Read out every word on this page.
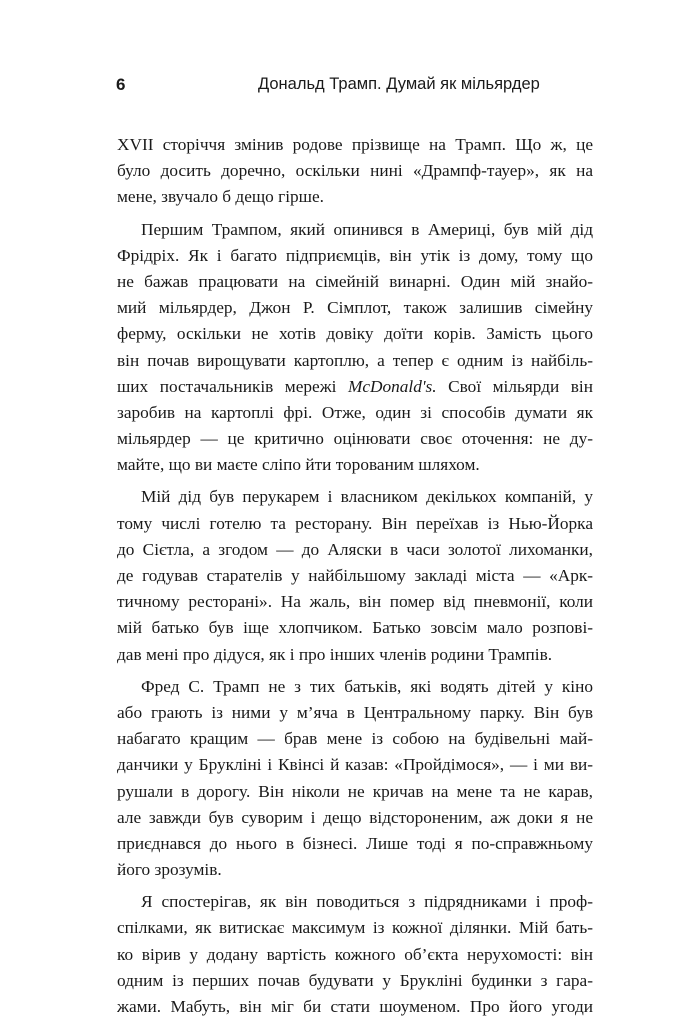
6	Дональд Трамп. Думай як мільярдер
XVII сторіччя змінив родове прізвище на Трамп. Що ж, це
було досить доречно, оскільки нині «Дрампф-тауер», як на
мене, звучало б дещо гірше.
Першим Трампом, який опинився в Америці, був мій дід
Фрідріх. Як і багато підприємців, він утік із дому, тому що
не бажав працювати на сімейній винарні. Один мій знайо-
мий мільярдер, Джон Р. Сімплот, також залишив сімейну
ферму, оскільки не хотів довіку доїти корів. Замість цього
він почав вирощувати картоплю, а тепер є одним із найбіль-
ших постачальників мережі McDonald's. Свої мільярди він
заробив на картоплі фрі. Отже, один зі способів думати як
мільярдер — це критично оцінювати своє оточення: не ду-
майте, що ви маєте сліпо йти торованим шляхом.
Мій дід був перукарем і власником декількох компаній, у
тому числі готелю та ресторану. Він переїхав із Нью-Йорка
до Сієтла, а згодом — до Аляски в часи золотої лихоманки,
де годував старателів у найбільшому закладі міста — «Арк-
тичному ресторані». На жаль, він помер від пневмонії, коли
мій батько був іще хлопчиком. Батько зовсім мало розпові-
дав мені про дідуся, як і про інших членів родини Трампів.
Фред С. Трамп не з тих батьків, які водять дітей у кіно
або грають із ними у м’яча в Центральному парку. Він був
набагато кращим — брав мене із собою на будівельні май-
данчики у Брукліні і Квінсі й казав: «Пройдімося», — і ми ви-
рушали в дорогу. Він ніколи не кричав на мене та не карав,
але завжди був суворим і дещо відстороненим, аж доки я не
приєднався до нього в бізнесі. Лише тоді я по-справжньому
його зрозумів.
Я спостерігав, як він поводиться з підрядниками і проф-
спілками, як витискає максимум із кожної ділянки. Мій бать-
ко вірив у додану вартість кожного об’єкта нерухомості: він
одним із перших почав будувати у Брукліні будинки з гара-
жами. Мабуть, він міг би стати шоуменом. Про його угоди
